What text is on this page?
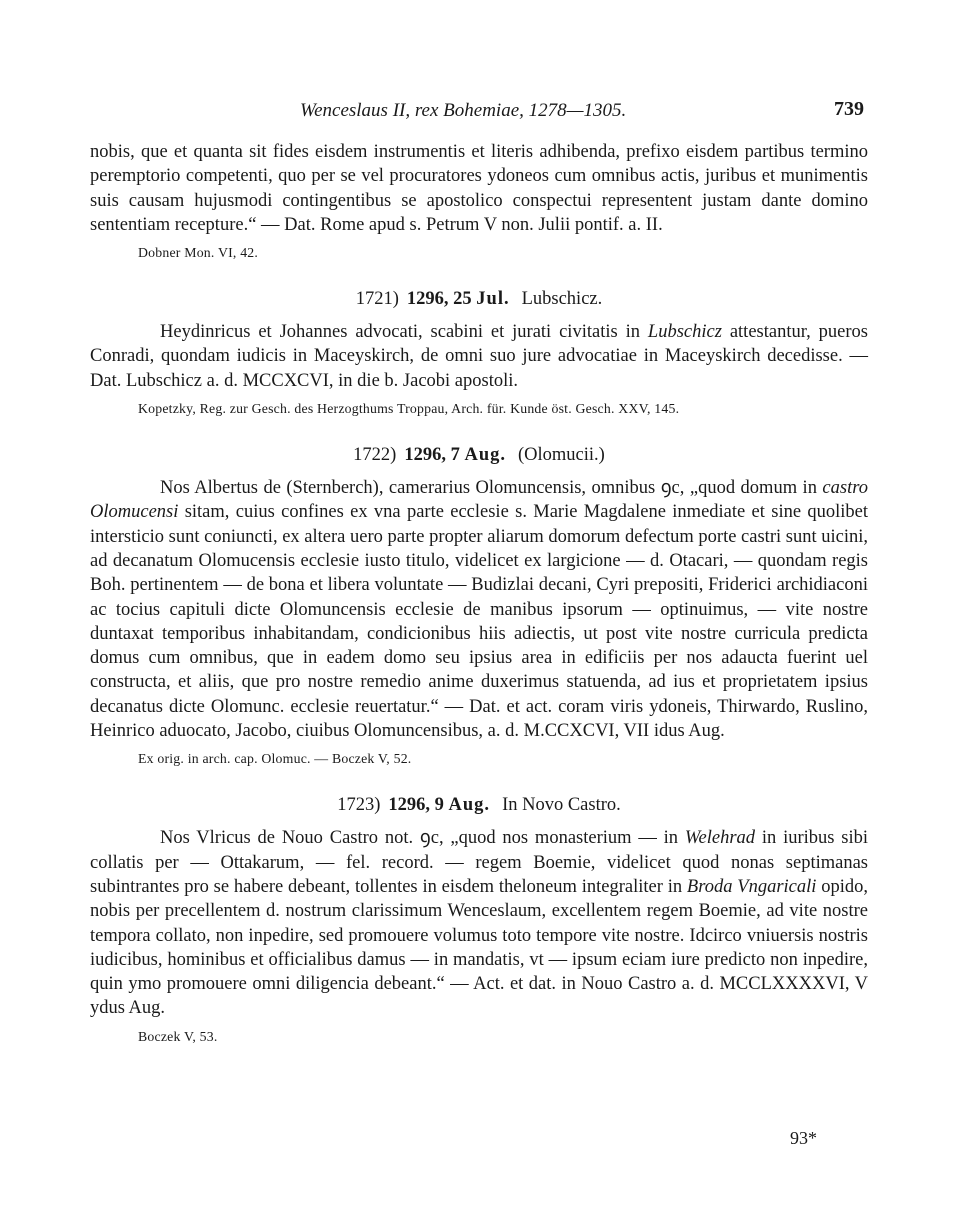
Wenceslaus II, rex Bohemiae, 1278—1305.	739

nobis, que et quanta sit fides eisdem instrumentis et literis adhibenda, prefixo eisdem partibus termino peremptorio competenti, quo per se vel procuratores ydoneos cum omnibus actis, juribus et munimentis suis causam hujusmodi contingentibus se apostolico conspectui representent justam dante domino sententiam recepture.“ — Dat. Rome apud s. Petrum V non. Julii pontif. a. II.

Dobner Mon. VI, 42.
1721) 1296, 25 Jul. Lubschicz.

Heydinricus et Johannes advocati, scabini et jurati civitatis in Lubschicz attestantur, pueros Conradi, quondam iudicis in Maceyskirch, de omni suo jure advocatiae in Maceyskirch decedisse. — Dat. Lubschicz a. d. MCCXCVI, in die b. Jacobi apostoli.

Kopetzky, Reg. zur Gesch. des Herzogthums Troppau, Arch. für. Kunde öst. Gesch. XXV, 145.
1722) 1296, 7 Aug. (Olomucii.)

Nos Albertus de (Sternberch), camerarius Olomuncensis, omnibus ꝯc, „quod domum in castro Olomucensi sitam, cuius confines ex vna parte ecclesie s. Marie Magdalene inmediate et sine quolibet intersticio sunt coniuncti, ex altera uero parte propter aliarum domorum defectum porte castri sunt uicini, ad decanatum Olomucensis ecclesie iusto titulo, videlicet ex largicione — d. Otacari, — quondam regis Boh. pertinentem — de bona et libera voluntate — Budizlai decani, Cyri prepositi, Friderici archidiaconi ac tocius capituli dicte Olomuncensis ecclesie de manibus ipsorum — optinuimus, — vite nostre duntaxat temporibus inhabitandam, condicionibus hiis adiectis, ut post vite nostre curricula predicta domus cum omnibus, que in eadem domo seu ipsius area in edificiis per nos adaucta fuerint uel constructa, et aliis, que pro nostre remedio anime duxerimus statuenda, ad ius et proprietatem ipsius decanatus dicte Olomunc. ecclesie reuertatur.“ — Dat. et act. coram viris ydoneis, Thirwardo, Ruslino, Heinrico aduocato, Jacobo, ciuibus Olomuncensibus, a. d. M.CCXCVI, VII idus Aug.

Ex orig. in arch. cap. Olomuc. — Boczek V, 52.
1723) 1296, 9 Aug. In Novo Castro.

Nos Vlricus de Nouo Castro not. ꝯc, „quod nos monasterium — in Welehrad in iuribus sibi collatis per — Ottakarum, — fel. record. — regem Boemie, videlicet quod nonas septimanas subintrantes pro se habere debeant, tollentes in eisdem theloneum integraliter in Broda Vngaricali opido, nobis per precellentem d. nostrum clarissimum Wenceslaum, excellentem regem Boemie, ad vite nostre tempora collato, non inpedire, sed promouere volumus toto tempore vite nostre. Idcirco vniuersis nostris iudicibus, hominibus et officialibus damus — in mandatis, vt — ipsum eciam iure predicto non inpedire, quin ymo promouere omni diligencia debeant.“ — Act. et dat. in Nouo Castro a. d. MCCLXXXXVI, V ydus Aug.

Boczek V, 53.
93*
